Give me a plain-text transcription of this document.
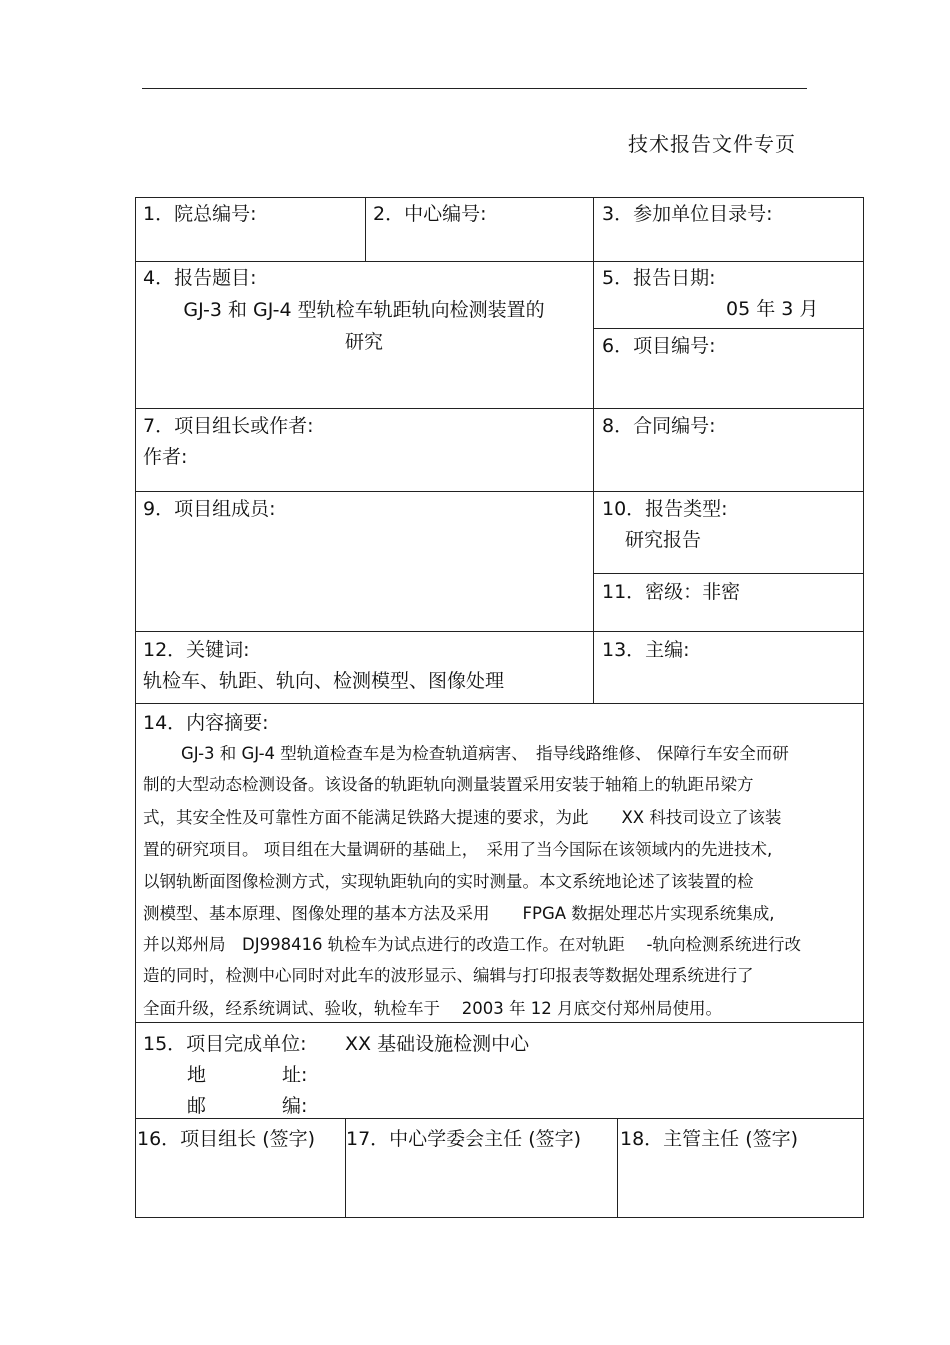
技术报告文件专页
1．院总编号:	2．中心编号:	3．参加单位目录号:
4．报告题目:
GJ-3 和 GJ-4 型轨检车轨距轨向检测装置的
研究
5．报告日期:
05 年 3 月
6．项目编号:
7．项目组长或作者:
作者:
8．合同编号:
9．项目组成员:	10．报告类型:
研究报告
11．密级：非密
12．关键词:
轨检车、轨距、轨向、检测模型、图像处理
13．主编:
14．内容摘要:
GJ-3 和 GJ-4 型轨道检查车是为检查轨道病害、　指导线路维修、 保障行车安全而研
制的大型动态检测设备。该设备的轨距轨向测量装置采用安装于轴箱上的轨距吊梁方
式，其安全性及可靠性方面不能满足铁路大提速的要求，为此　　XX 科技司设立了该装
置的研究项目。 项目组在大量调研的基础上，　采用了当今国际在该领域内的先进技术,
以钢轨断面图像检测方式，实现轨距轨向的实时测量。本文系统地论述了该装置的检
测模型、基本原理、图像处理的基本方法及采用　　FPGA 数据处理芯片实现系统集成,
并以郑州局　DJ998416 轨检车为试点进行的改造工作。在对轨距　 -轨向检测系统进行改
造的同时，检测中心同时对此车的波形显示、编辑与打印报表等数据处理系统进行了
全面升级，经系统调试、验收，轨检车于　 2003 年 12 月底交付郑州局使用。
15．项目完成单位: XX 基础设施检测中心
地　　　　址:
邮　　　　编:
16．项目组长 (签字) 17．中心学委会主任 (签字) 18．主管主任 (签字)
